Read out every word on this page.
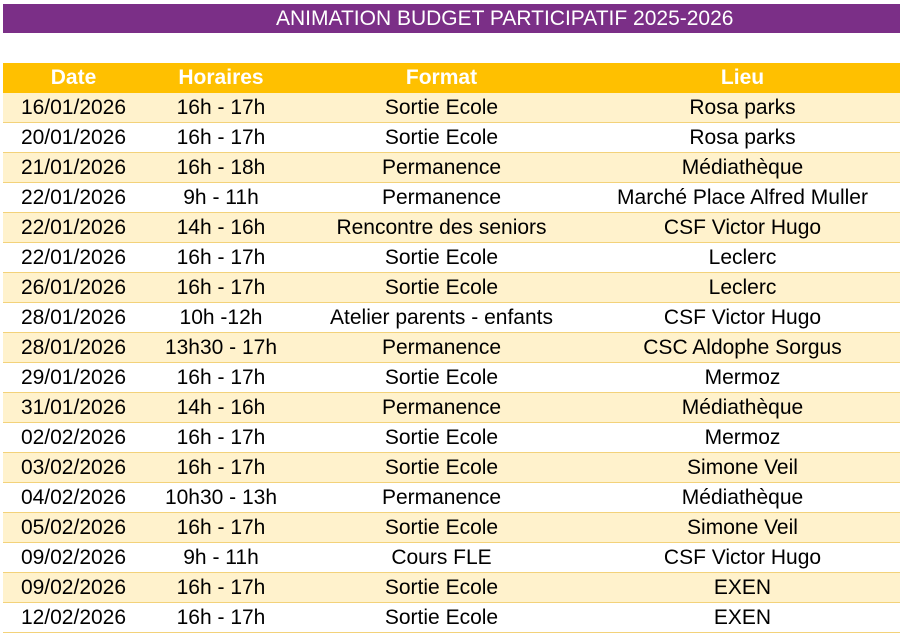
ANIMATION BUDGET PARTICIPATIF 2025-2026
Date	Horaires	Format	Lieu
16/01/2026	16h - 17h	Sortie Ecole	Rosa parks
20/01/2026	16h - 17h	Sortie Ecole	Rosa parks
21/01/2026	16h - 18h	Permanence	Médiathèque
22/01/2026	9h - 11h	Permanence	Marché Place Alfred Muller
22/01/2026	14h - 16h	Rencontre des seniors	CSF Victor Hugo
22/01/2026	16h - 17h	Sortie Ecole	Leclerc
26/01/2026	16h - 17h	Sortie Ecole	Leclerc
28/01/2026	10h -12h	Atelier parents - enfants	CSF Victor Hugo
28/01/2026	13h30 - 17h	Permanence	CSC Aldophe Sorgus
29/01/2026	16h - 17h	Sortie Ecole	Mermoz
31/01/2026	14h - 16h	Permanence	Médiathèque
02/02/2026	16h - 17h	Sortie Ecole	Mermoz
03/02/2026	16h - 17h	Sortie Ecole	Simone Veil
04/02/2026	10h30 - 13h	Permanence	Médiathèque
05/02/2026	16h - 17h	Sortie Ecole	Simone Veil
09/02/2026	9h - 11h	Cours FLE	CSF Victor Hugo
09/02/2026	16h - 17h	Sortie Ecole	EXEN
12/02/2026	16h - 17h	Sortie Ecole	EXEN
